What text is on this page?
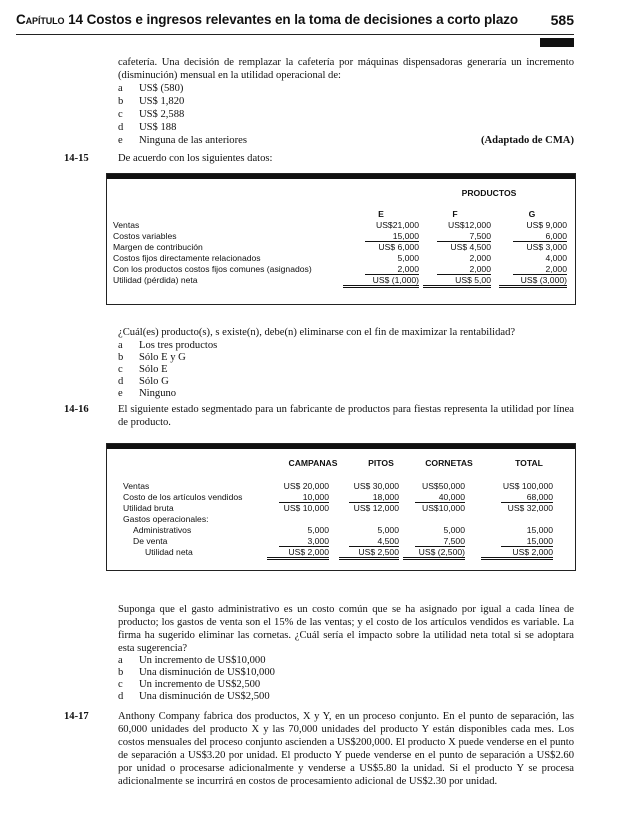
Capítulo 14 Costos e ingresos relevantes en la toma de decisiones a corto plazo 585
cafetería. Una decisión de remplazar la cafetería por máquinas dispensadoras generaría un incremento (disminución) mensual en la utilidad operacional de:
a US$ (580)
b US$ 1,820
c US$ 2,588
d US$ 188
e Ninguna de las anteriores	(Adaptado de CMA)
14-15	De acuerdo con los siguientes datos:
PRODUCTOS
E	F	G
Ventas	US$21,000	US$12,000	US$ 9,000
Costos variables	15,000	7,500	6,000
Margen de contribución	US$ 6,000	US$ 4,500	US$ 3,000
Costos fijos directamente relacionados	5,000	2,000	4,000
Con los productos costos fijos comunes (asignados)	2,000	2,000	2,000
Utilidad (pérdida) neta	US$ (1,000)	US$ 5,00	US$ (3,000)
¿Cuál(es) producto(s), s existe(n), debe(n) eliminarse con el fin de maximizar la rentabilidad?
a Los tres productos
b Sólo E y G
c Sólo E
d Sólo G
e Ninguno
14-16	El siguiente estado segmentado para un fabricante de productos para fiestas representa la utilidad por línea de producto.
CAMPANAS	PITOS	CORNETAS	TOTAL
Ventas	US$ 20,000	US$ 30,000	US$50,000	US$ 100,000
Costo de los artículos vendidos	10,000	18,000	40,000	68,000
Utilidad bruta	US$ 10,000	US$ 12,000	US$10,000	US$ 32,000
Gastos operacionales:
Administrativos	5,000	5,000	5,000	15,000
De venta	3,000	4,500	7,500	15,000
Utilidad neta	US$ 2,000	US$ 2,500	US$ (2,500)	US$ 2,000
Suponga que el gasto administrativo es un costo común que se ha asignado por igual a cada línea de producto; los gastos de venta son el 15% de las ventas; y el costo de los artículos vendidos es variable. La firma ha sugerido eliminar las cornetas. ¿Cuál sería el impacto sobre la utilidad neta total si se adoptara esta sugerencia?
a Un incremento de US$10,000
b Una disminución de US$10,000
c Un incremento de US$2,500
d Una disminución de US$2,500
14-17	Anthony Company fabrica dos productos, X y Y, en un proceso conjunto. En el punto de separación, las 60,000 unidades del producto X y las 70,000 unidades del producto Y están disponibles cada mes. Los costos mensuales del proceso conjunto ascienden a US$200,000. El producto X puede venderse en el punto de separación a US$3.20 por unidad. El producto Y puede venderse en el punto de separación a US$2.60 por unidad o procesarse adicionalmente y venderse a US$5.80 la unidad. Si el producto Y se procesa adicionalmente se incurrirá en costos de procesamiento adicional de US$2.30 por unidad.
